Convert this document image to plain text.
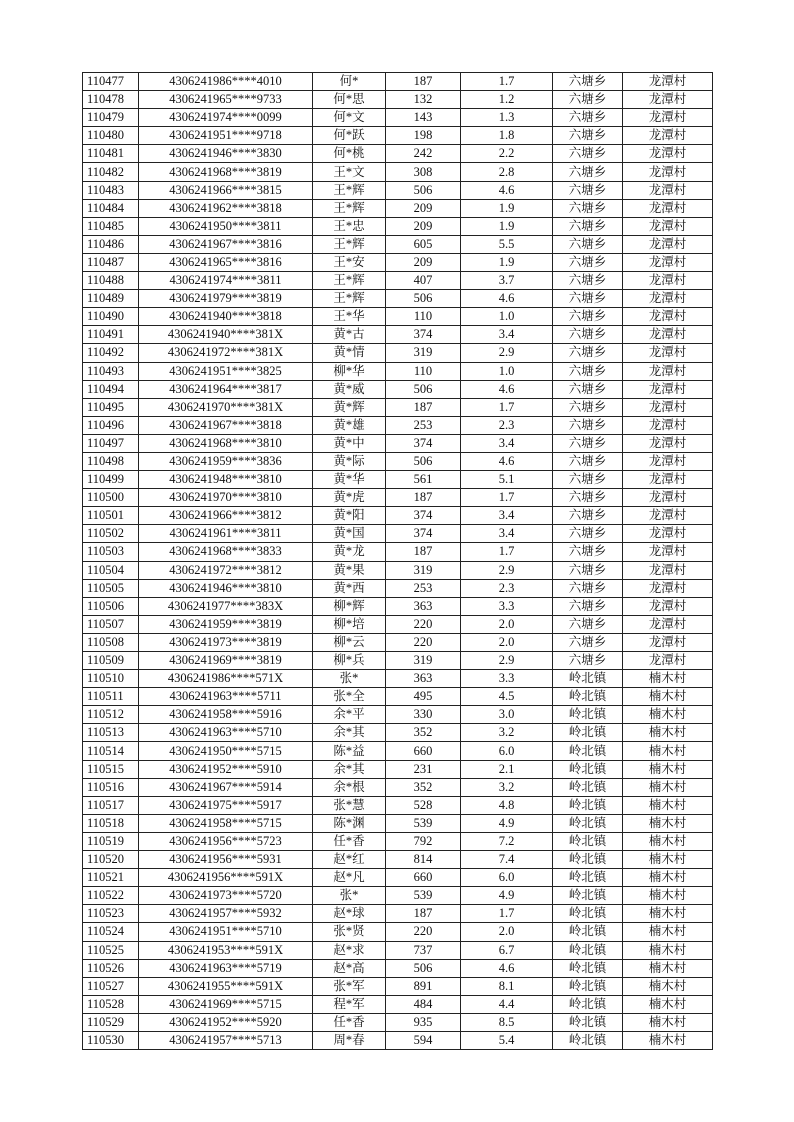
110477	4306241986****4010	何*	187	1.7	六塘乡	龙潭村
110478	4306241965****9733	何*思	132	1.2	六塘乡	龙潭村
110479	4306241974****0099	何*文	143	1.3	六塘乡	龙潭村
110480	4306241951****9718	何*跃	198	1.8	六塘乡	龙潭村
110481	4306241946****3830	何*桃	242	2.2	六塘乡	龙潭村
110482	4306241968****3819	王*文	308	2.8	六塘乡	龙潭村
110483	4306241966****3815	王*辉	506	4.6	六塘乡	龙潭村
110484	4306241962****3818	王*辉	209	1.9	六塘乡	龙潭村
110485	4306241950****3811	王*忠	209	1.9	六塘乡	龙潭村
110486	4306241967****3816	王*辉	605	5.5	六塘乡	龙潭村
110487	4306241965****3816	王*安	209	1.9	六塘乡	龙潭村
110488	4306241974****3811	王*辉	407	3.7	六塘乡	龙潭村
110489	4306241979****3819	王*辉	506	4.6	六塘乡	龙潭村
110490	4306241940****3818	王*华	110	1.0	六塘乡	龙潭村
110491	4306241940****381X	黄*古	374	3.4	六塘乡	龙潭村
110492	4306241972****381X	黄*情	319	2.9	六塘乡	龙潭村
110493	4306241951****3825	柳*华	110	1.0	六塘乡	龙潭村
110494	4306241964****3817	黄*威	506	4.6	六塘乡	龙潭村
110495	4306241970****381X	黄*辉	187	1.7	六塘乡	龙潭村
110496	4306241967****3818	黄*雄	253	2.3	六塘乡	龙潭村
110497	4306241968****3810	黄*中	374	3.4	六塘乡	龙潭村
110498	4306241959****3836	黄*际	506	4.6	六塘乡	龙潭村
110499	4306241948****3810	黄*华	561	5.1	六塘乡	龙潭村
110500	4306241970****3810	黄*虎	187	1.7	六塘乡	龙潭村
110501	4306241966****3812	黄*阳	374	3.4	六塘乡	龙潭村
110502	4306241961****3811	黄*国	374	3.4	六塘乡	龙潭村
110503	4306241968****3833	黄*龙	187	1.7	六塘乡	龙潭村
110504	4306241972****3812	黄*果	319	2.9	六塘乡	龙潭村
110505	4306241946****3810	黄*西	253	2.3	六塘乡	龙潭村
110506	4306241977****383X	柳*辉	363	3.3	六塘乡	龙潭村
110507	4306241959****3819	柳*培	220	2.0	六塘乡	龙潭村
110508	4306241973****3819	柳*云	220	2.0	六塘乡	龙潭村
110509	4306241969****3819	柳*兵	319	2.9	六塘乡	龙潭村
110510	4306241986****571X	张*	363	3.3	岭北镇	楠木村
110511	4306241963****5711	张*全	495	4.5	岭北镇	楠木村
110512	4306241958****5916	余*平	330	3.0	岭北镇	楠木村
110513	4306241963****5710	余*其	352	3.2	岭北镇	楠木村
110514	4306241950****5715	陈*益	660	6.0	岭北镇	楠木村
110515	4306241952****5910	余*其	231	2.1	岭北镇	楠木村
110516	4306241967****5914	余*根	352	3.2	岭北镇	楠木村
110517	4306241975****5917	张*慧	528	4.8	岭北镇	楠木村
110518	4306241958****5715	陈*渊	539	4.9	岭北镇	楠木村
110519	4306241956****5723	任*香	792	7.2	岭北镇	楠木村
110520	4306241956****5931	赵*红	814	7.4	岭北镇	楠木村
110521	4306241956****591X	赵*凡	660	6.0	岭北镇	楠木村
110522	4306241973****5720	张*	539	4.9	岭北镇	楠木村
110523	4306241957****5932	赵*球	187	1.7	岭北镇	楠木村
110524	4306241951****5710	张*贤	220	2.0	岭北镇	楠木村
110525	4306241953****591X	赵*求	737	6.7	岭北镇	楠木村
110526	4306241963****5719	赵*高	506	4.6	岭北镇	楠木村
110527	4306241955****591X	张*军	891	8.1	岭北镇	楠木村
110528	4306241969****5715	程*军	484	4.4	岭北镇	楠木村
110529	4306241952****5920	任*香	935	8.5	岭北镇	楠木村
110530	4306241957****5713	周*春	594	5.4	岭北镇	楠木村
